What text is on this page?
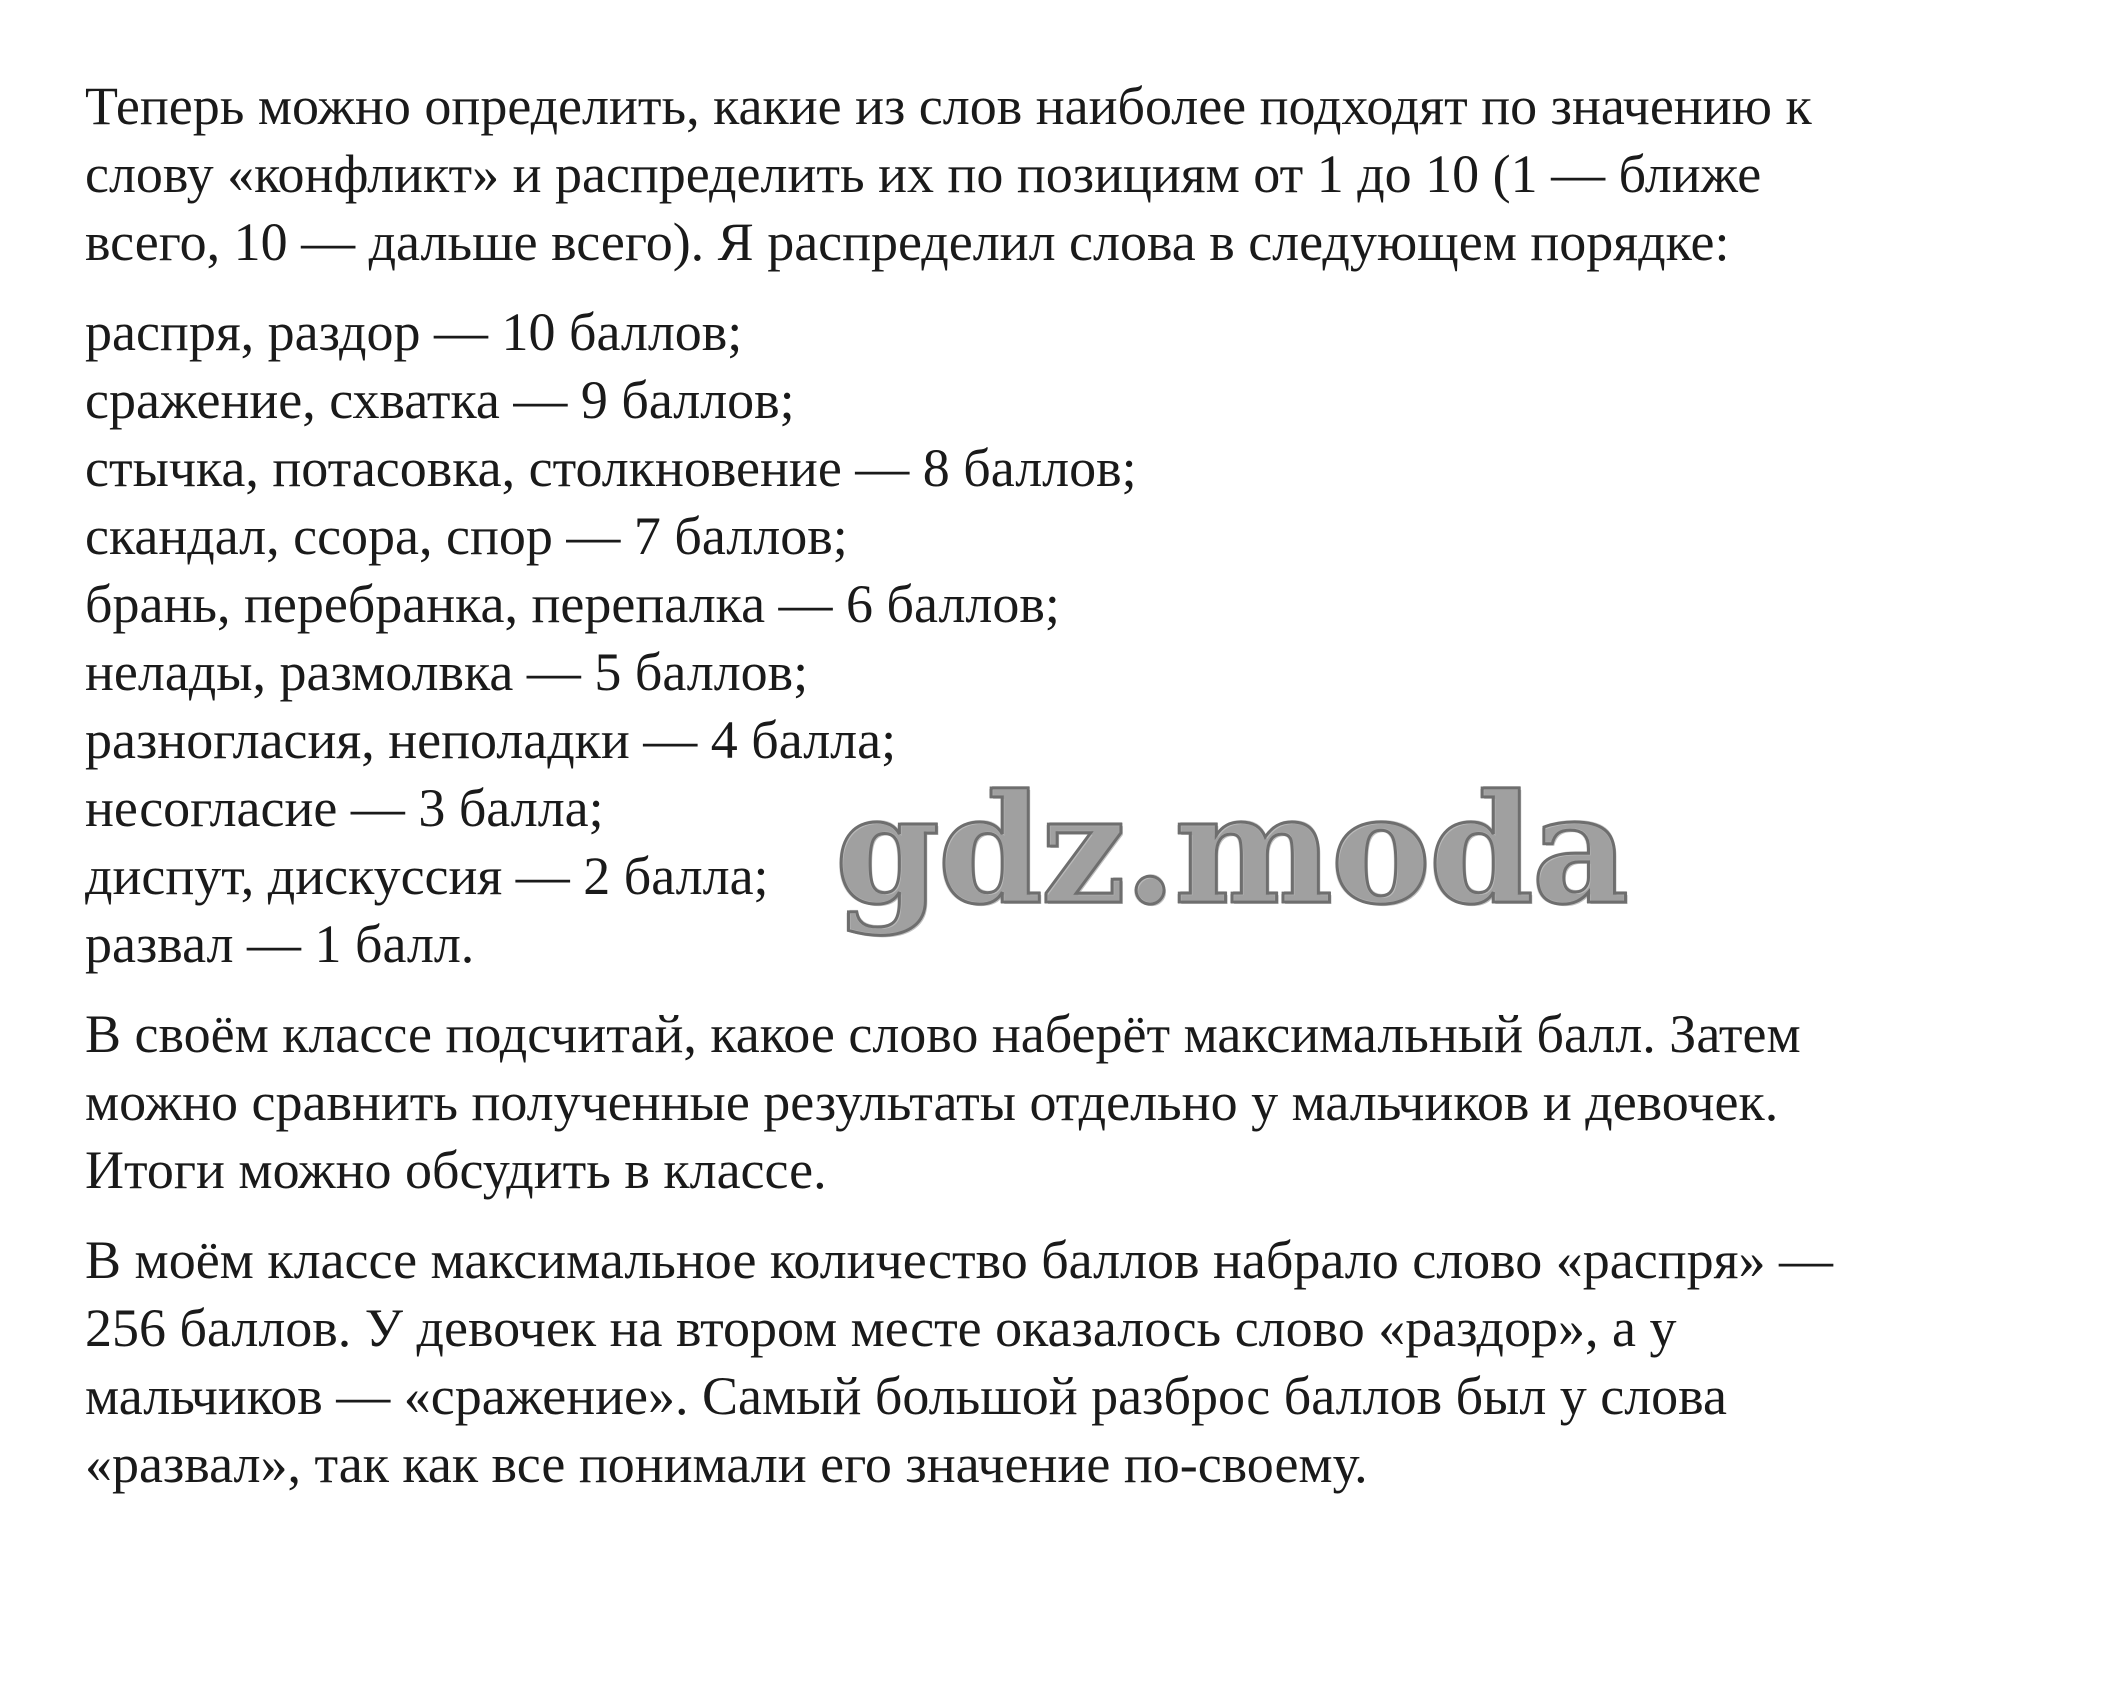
Теперь можно определить, какие из слов наиболее подходят по значению к
слову «конфликт» и распределить их по позициям от 1 до 10 (1 — ближе
всего, 10 — дальше всего). Я распределил слова в следующем порядке:

распря, раздор — 10 баллов;
сражение, схватка — 9 баллов;
стычка, потасовка, столкновение — 8 баллов;
скандал, ссора, спор — 7 баллов;
брань, перебранка, перепалка — 6 баллов;
нелады, размолвка — 5 баллов;
разногласия, неполадки — 4 балла;
несогласие — 3 балла;
диспут, дискуссия — 2 балла;
развал — 1 балл.

В своём классе подсчитай, какое слово наберёт максимальный балл. Затем
можно сравнить полученные результаты отдельно у мальчиков и девочек.
Итоги можно обсудить в классе.

В моём классе максимальное количество баллов набрало слово «распря» —
256 баллов. У девочек на втором месте оказалось слово «раздор», а у
мальчиков — «сражение». Самый большой разброс баллов был у слова
«развал», так как все понимали его значение по-своему.

gdz.moda
